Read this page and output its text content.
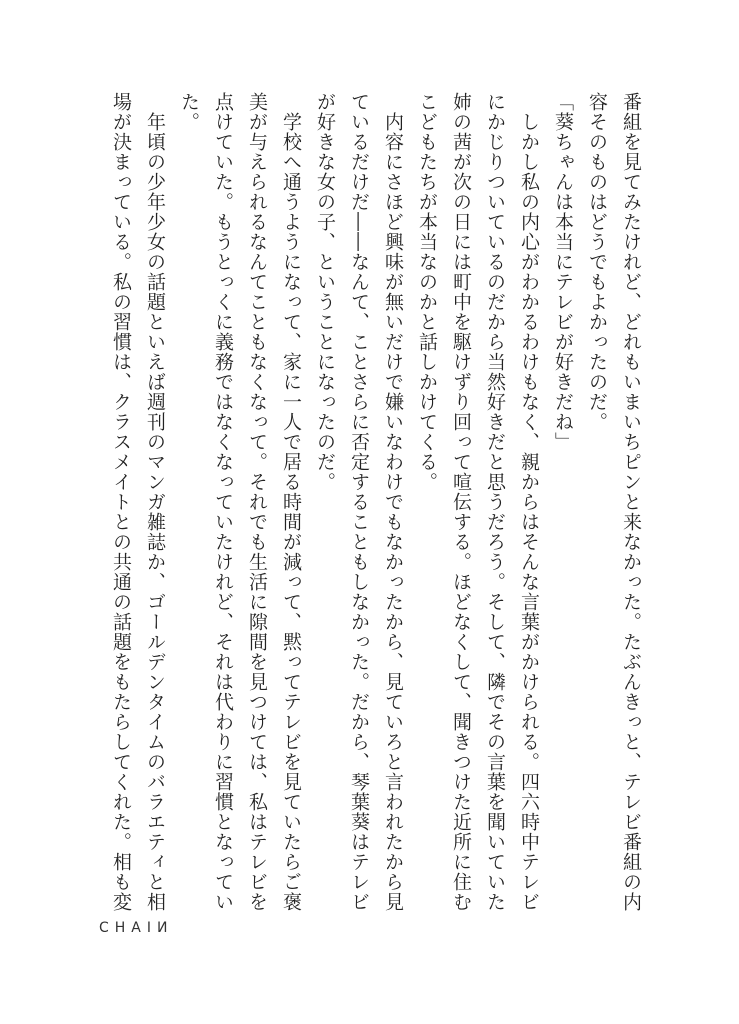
番組を見てみたけれど、どれもいまいちピンと来なかった。たぶんきっと、テレビ番組の内

容そのものはどうでもよかったのだ。

「葵ちゃんは本当にテレビが好きだね」

　しかし私の内心がわかるわけもなく、親からはそんな言葉がかけられる。四六時中テレビ

にかじりついているのだから当然好きだと思うだろう。そして、隣でその言葉を聞いていた

姉の茜が次の日には町中を駆けずり回って喧伝する。ほどなくして、聞きつけた近所に住む

こどもたちが本当なのかと話しかけてくる。

　内容にさほど興味が無いだけで嫌いなわけでもなかったから、見ていろと言われたから見

ているだけだ――なんて、ことさらに否定することもしなかった。だから、琴葉葵はテレビ

が好きな女の子、ということになったのだ。

　学校へ通うようになって、家に一人で居る時間が減って、黙ってテレビを見ていたらご褒

美が与えられるなんてこともなくなって。それでも生活に隙間を見つけては、私はテレビを

点けていた。もうとっくに義務ではなくなっていたけれど、それは代わりに習慣となってい

た。

　年頃の少年少女の話題といえば週刊のマンガ雑誌か、ゴールデンタイムのバラエティと相

場が決まっている。私の習慣は、クラスメイトとの共通の話題をもたらしてくれた。相も変

CHAIИ
